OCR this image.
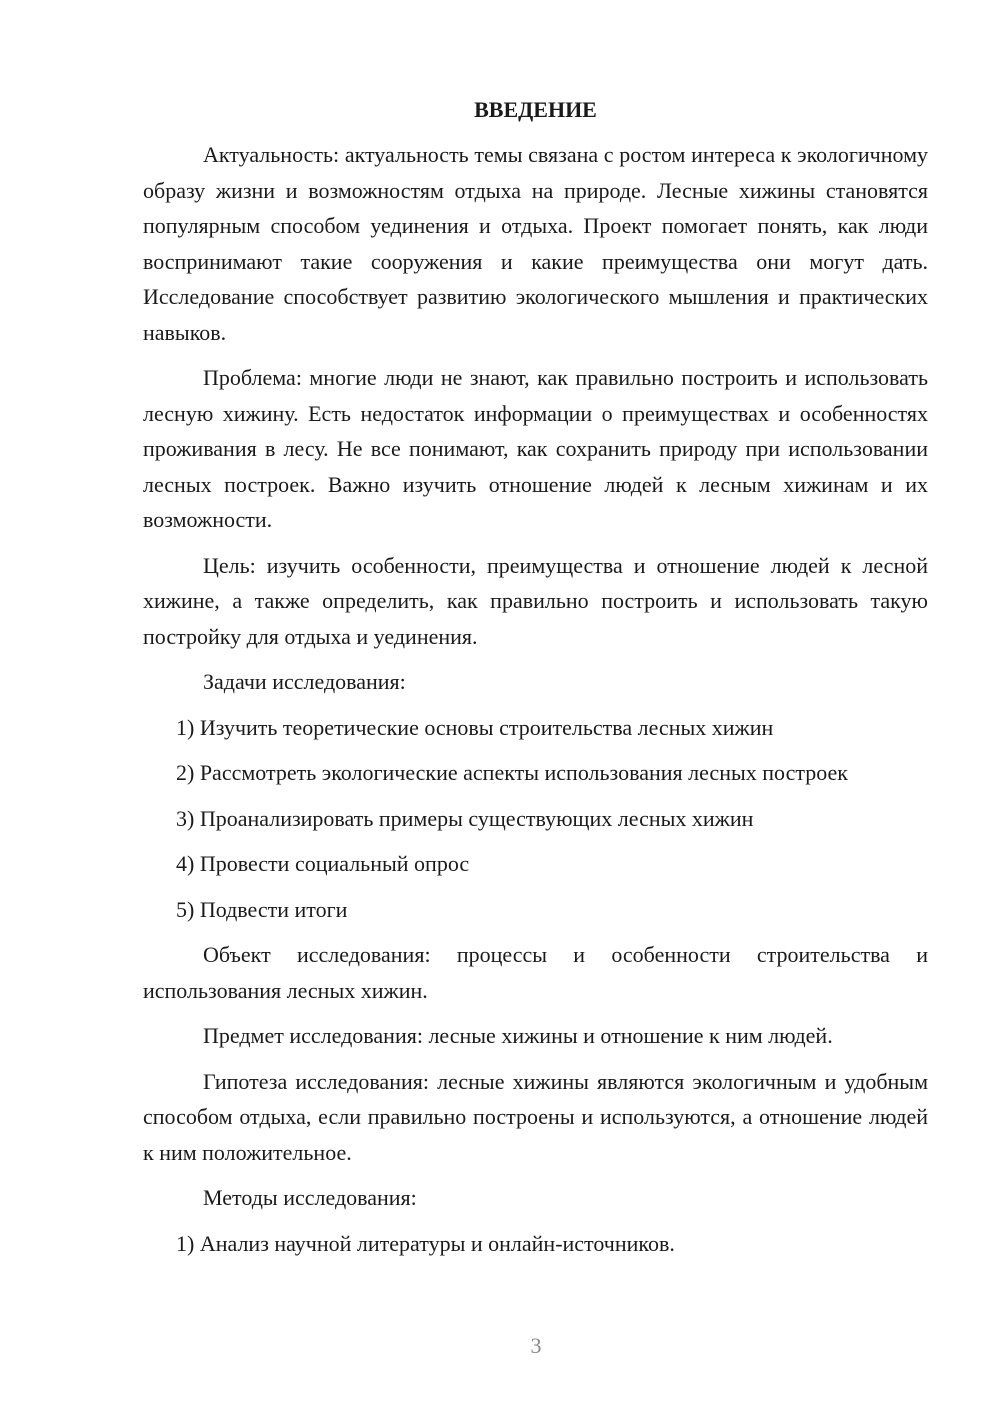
ВВЕДЕНИЕ

Актуальность: актуальность темы связана с ростом интереса к экологичному образу жизни и возможностям отдыха на природе. Лесные хижины становятся популярным способом уединения и отдыха. Проект помогает понять, как люди воспринимают такие сооружения и какие преимущества они могут дать. Исследование способствует развитию экологического мышления и практических навыков.

Проблема: многие люди не знают, как правильно построить и использовать лесную хижину. Есть недостаток информации о преимуществах и особенностях проживания в лесу. Не все понимают, как сохранить природу при использовании лесных построек. Важно изучить отношение людей к лесным хижинам и их возможности.

Цель: изучить особенности, преимущества и отношение людей к лесной хижине, а также определить, как правильно построить и использовать такую постройку для отдыха и уединения.

Задачи исследования:

1) Изучить теоретические основы строительства лесных хижин

2) Рассмотреть экологические аспекты использования лесных построек

3) Проанализировать примеры существующих лесных хижин

4) Провести социальный опрос

5) Подвести итоги

Объект исследования: процессы и особенности строительства и использования лесных хижин.

Предмет исследования: лесные хижины и отношение к ним людей.

Гипотеза исследования: лесные хижины являются экологичным и удобным способом отдыха, если правильно построены и используются, а отношение людей к ним положительное.

Методы исследования:

1) Анализ научной литературы и онлайн-источников.

3
